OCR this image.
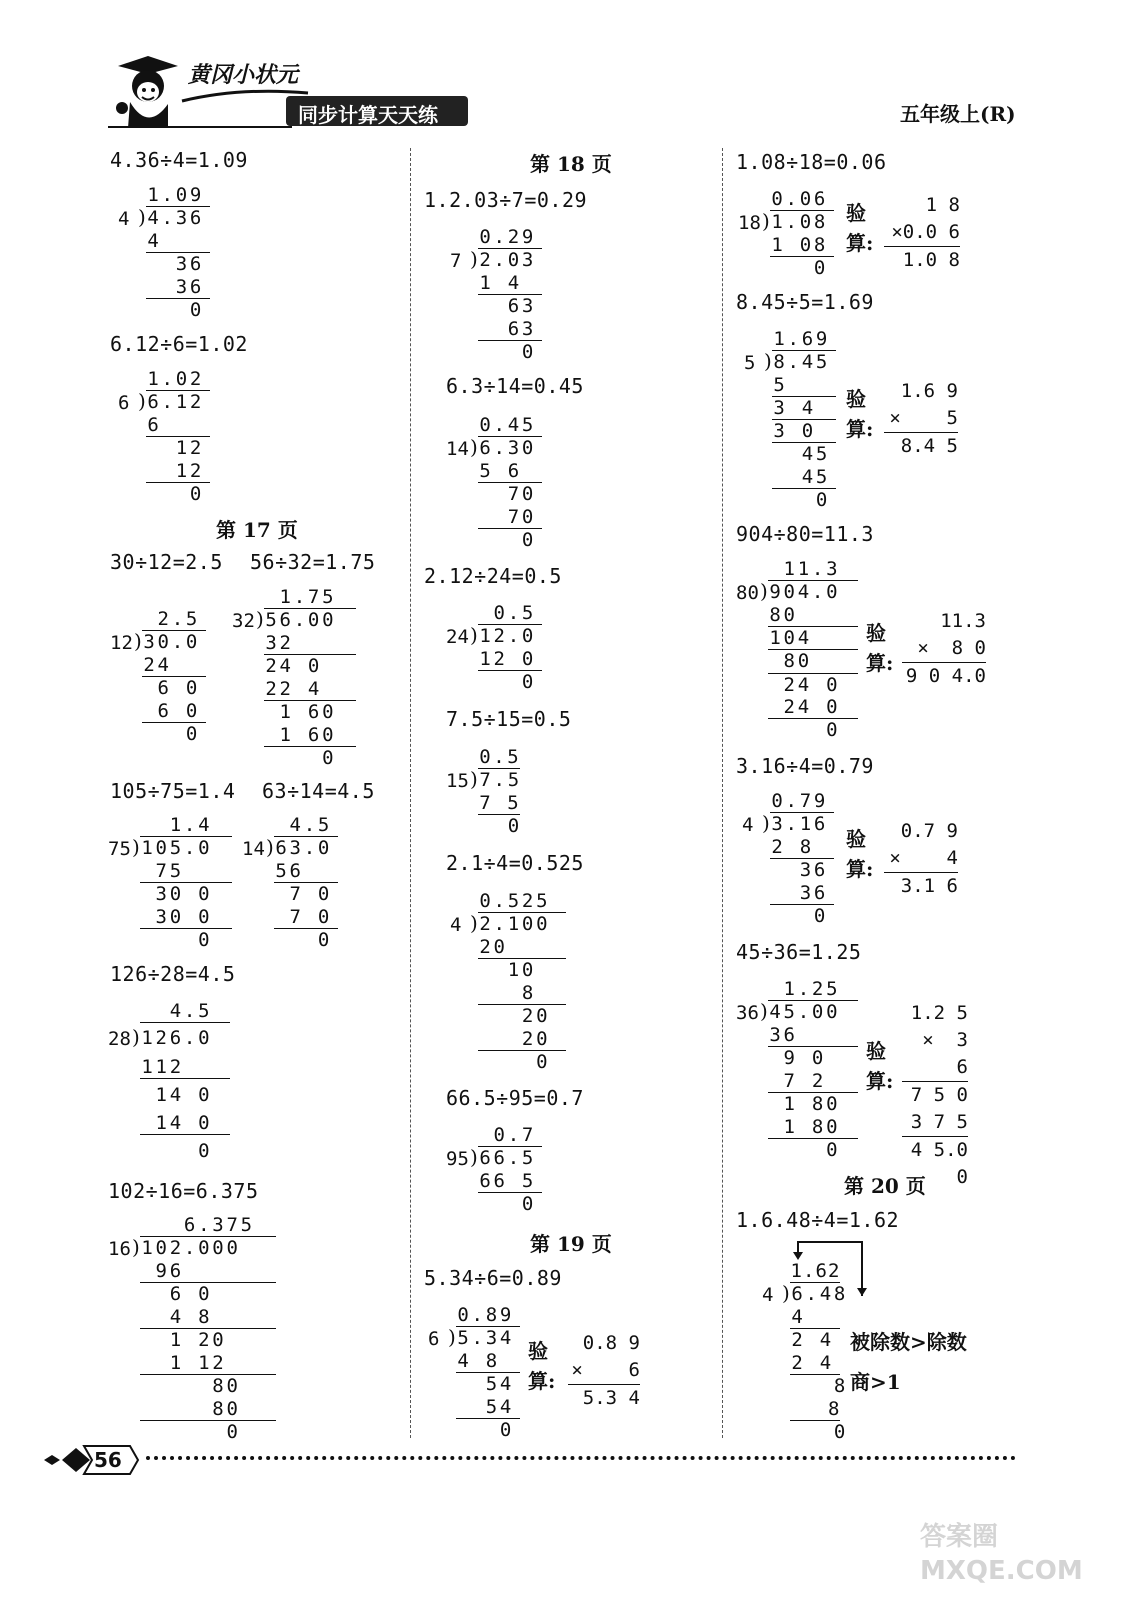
黄冈小状元
同步计算天天练	五年级上(R)
4.36÷4=1.09
4 )
1 . 0 9
4 . 3 6
4
3 6
3 6
0
6.12÷6=1.02
6 )
1 . 0 2
6 . 1 2
6
1 2
1 2
0
第 17 页
30÷12=2.5 56÷32=1.75
12 )
2 . 5
3 0 . 0
2 4
6 0
6 0
0
32 )
1 . 7 5
5 6 . 0 0
3 2
2 4 0
2 2 4
1 6 0
1 6 0
0
105÷75=1.4 63÷14=4.5
75 )
1 . 4
1 0 5 . 0
7 5
3 0 0
3 0 0
0
14 )
4 . 5
6 3 . 0
5 6
7 0
7 0
0
126÷28=4.5
28 )
4 . 5
1 2 6 . 0
1 1 2
1 4 0
1 4 0
0
102÷16=6.375
16 )
6 . 3 7 5
1 0 2 . 0 0 0
9 6
6 0
4 8
1 2 0
1 1 2
8 0
8 0
0
第 18 页
1.2.03÷7=0.29
7 )
0 . 2 9
2 . 0 3
1 4
6 3
6 3
0
6.3÷14=0.45
14 )
0 . 4 5
6 . 3 0
5 6
7 0
7 0
0
2.12÷24=0.5
24 )
0 . 5
1 2 . 0
1 2 0
0
7.5÷15=0.5
15 )
0 . 5
7 . 5
7 5
0
2.1÷4=0.525
4 )
0 . 5 2 5
2 . 1 0 0
2 0
1 0
8
2 0
2 0
0
66.5÷95=0.7
95 )
0 . 7
6 6 . 5
6 6 5
0
第 19 页
5.34÷6=0.89
6 )
0 . 8 9
5 . 3 4
4 8
5 4
5 4
0
验
算:
0.8 9
×    6
5.3 4
1.08÷18=0.06
18 )
0 . 0 6
1 . 0 8
1 0 8
0
验
算:
1 8
×0.0 6
1.0 8
8.45÷5=1.69
5 )
1 . 6 9
8 . 4 5
5
3 4
3 0
4 5
4 5
0
验
算:
1.6 9
×    5
8.4 5
904÷80=11.3
80 )
1 1 . 3
9 0 4 . 0
8 0
1 0 4
8 0
2 4 0
2 4 0
0
验
算:
11.3
×  8 0
9 0 4.0
3.16÷4=0.79
4 )
0 . 7 9
3 . 1 6
2 8
3 6
3 6
0
验
算:
0.7 9
×    4
3.1 6
45÷36=1.25
36 )
1 . 2 5
4 5 . 0 0
3 6
9 0
7 2
1 8 0
1 8 0
0
验
算:
1.2 5
×  3 6
7 5 0
3 7 5
4 5.0 0
第 20 页
1.6.48÷4=1.62
4 )
1 . 6 2
6 . 4 8
4
2 4
2 4
8
8
0
被除数>除数
商>1
56
答案圈 MXQE.COM
